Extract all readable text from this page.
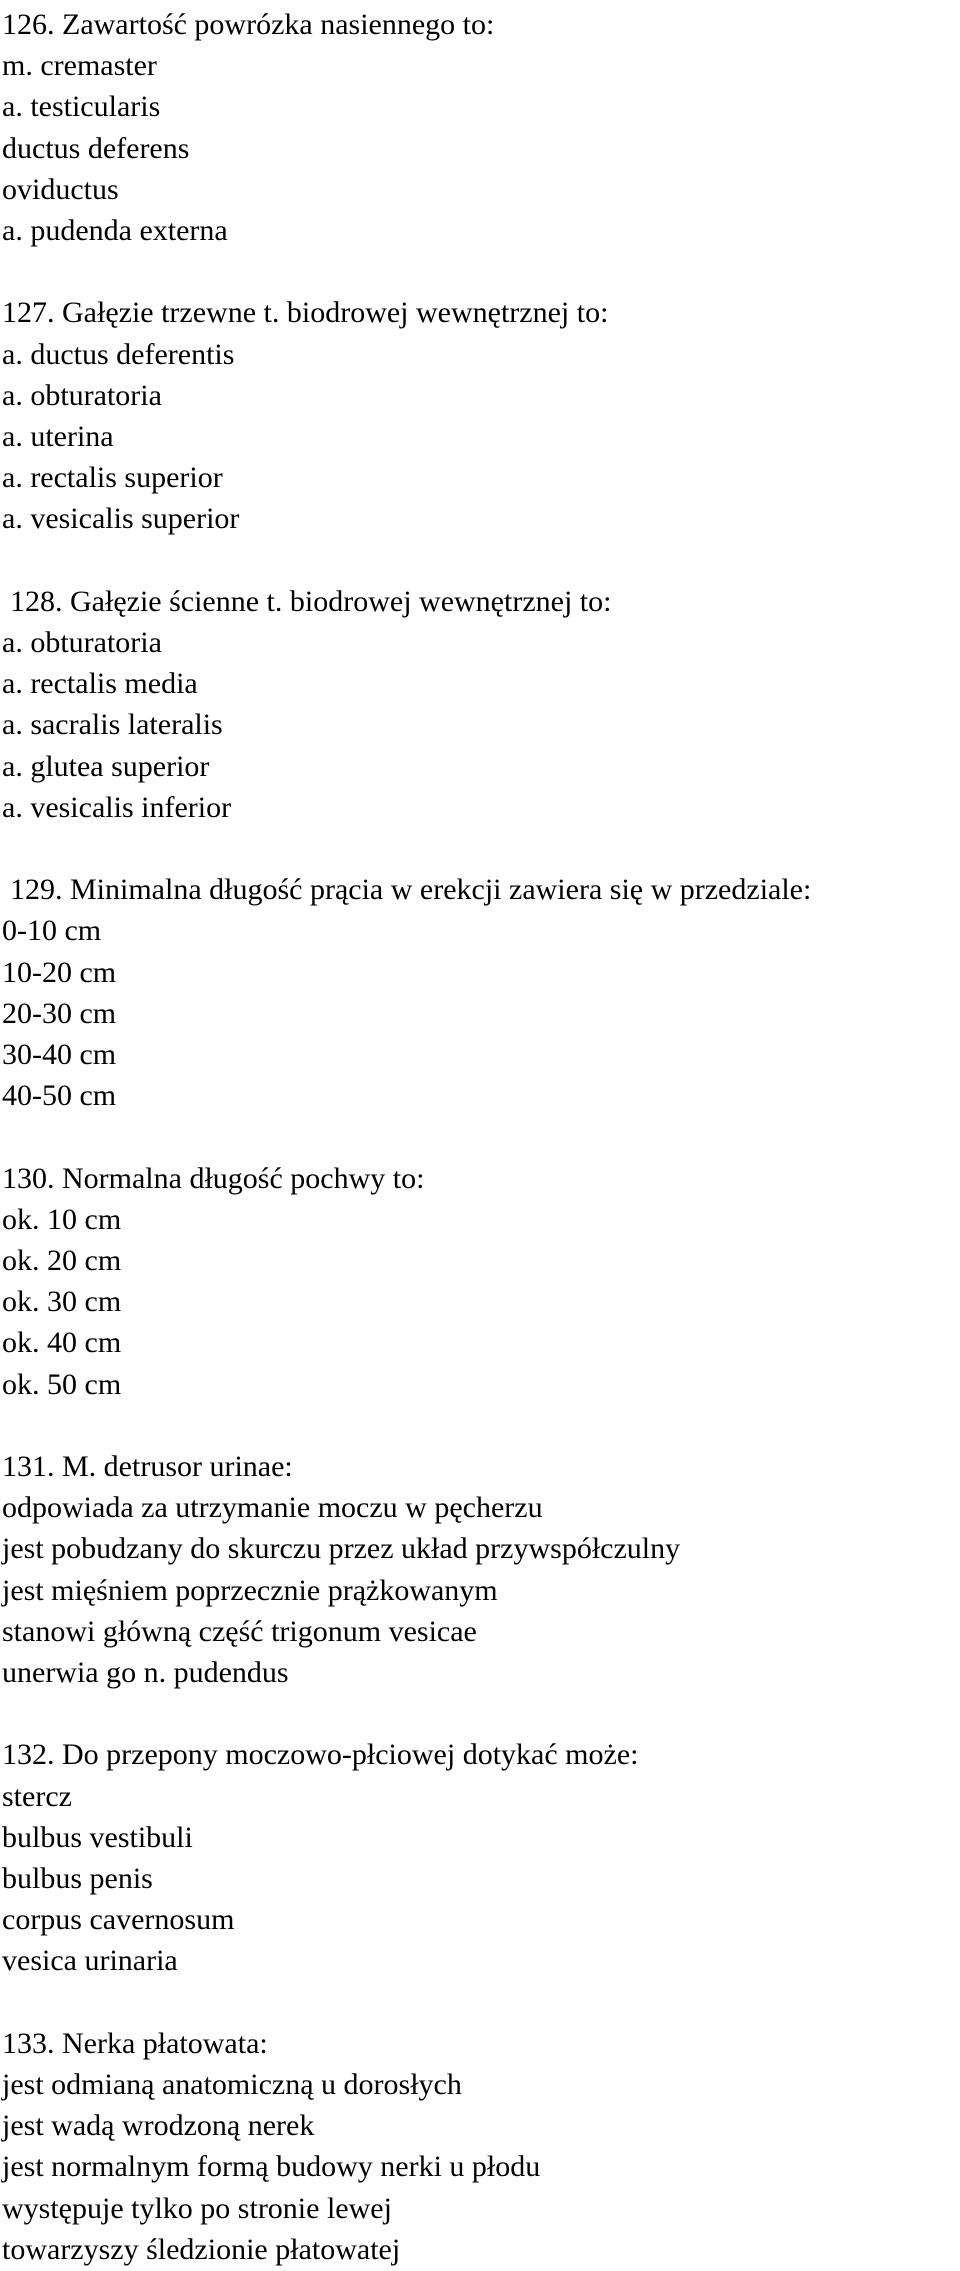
126. Zawartość powrózka nasiennego to:
m. cremaster
a. testicularis
ductus deferens
oviductus
a. pudenda externa
127. Gałęzie trzewne t. biodrowej wewnętrznej to:
a. ductus deferentis
a. obturatoria
a. uterina
a. rectalis superior
a. vesicalis superior
128. Gałęzie ścienne t. biodrowej wewnętrznej to:
a. obturatoria
a. rectalis media
a. sacralis lateralis
a. glutea superior
a. vesicalis inferior
129. Minimalna długość prącia w erekcji zawiera się w przedziale:
0-10 cm
10-20 cm
20-30 cm
30-40 cm
40-50 cm
130. Normalna długość pochwy to:
ok. 10 cm
ok. 20 cm
ok. 30 cm
ok. 40 cm
ok. 50 cm
131. M. detrusor urinae:
odpowiada za utrzymanie moczu w pęcherzu
jest pobudzany do skurczu przez układ przywspółczulny
jest mięśniem poprzecznie prążkowanym
stanowi główną część trigonum vesicae
unerwia go n. pudendus
132. Do przepony moczowo-płciowej dotykać może:
stercz
bulbus vestibuli
bulbus penis
corpus cavernosum
vesica urinaria
133. Nerka płatowata:
jest odmianą anatomiczną u dorosłych
jest wadą wrodzoną nerek
jest normalnym formą budowy nerki u płodu
występuje tylko po stronie lewej
towarzyszy śledzionie płatowatej
